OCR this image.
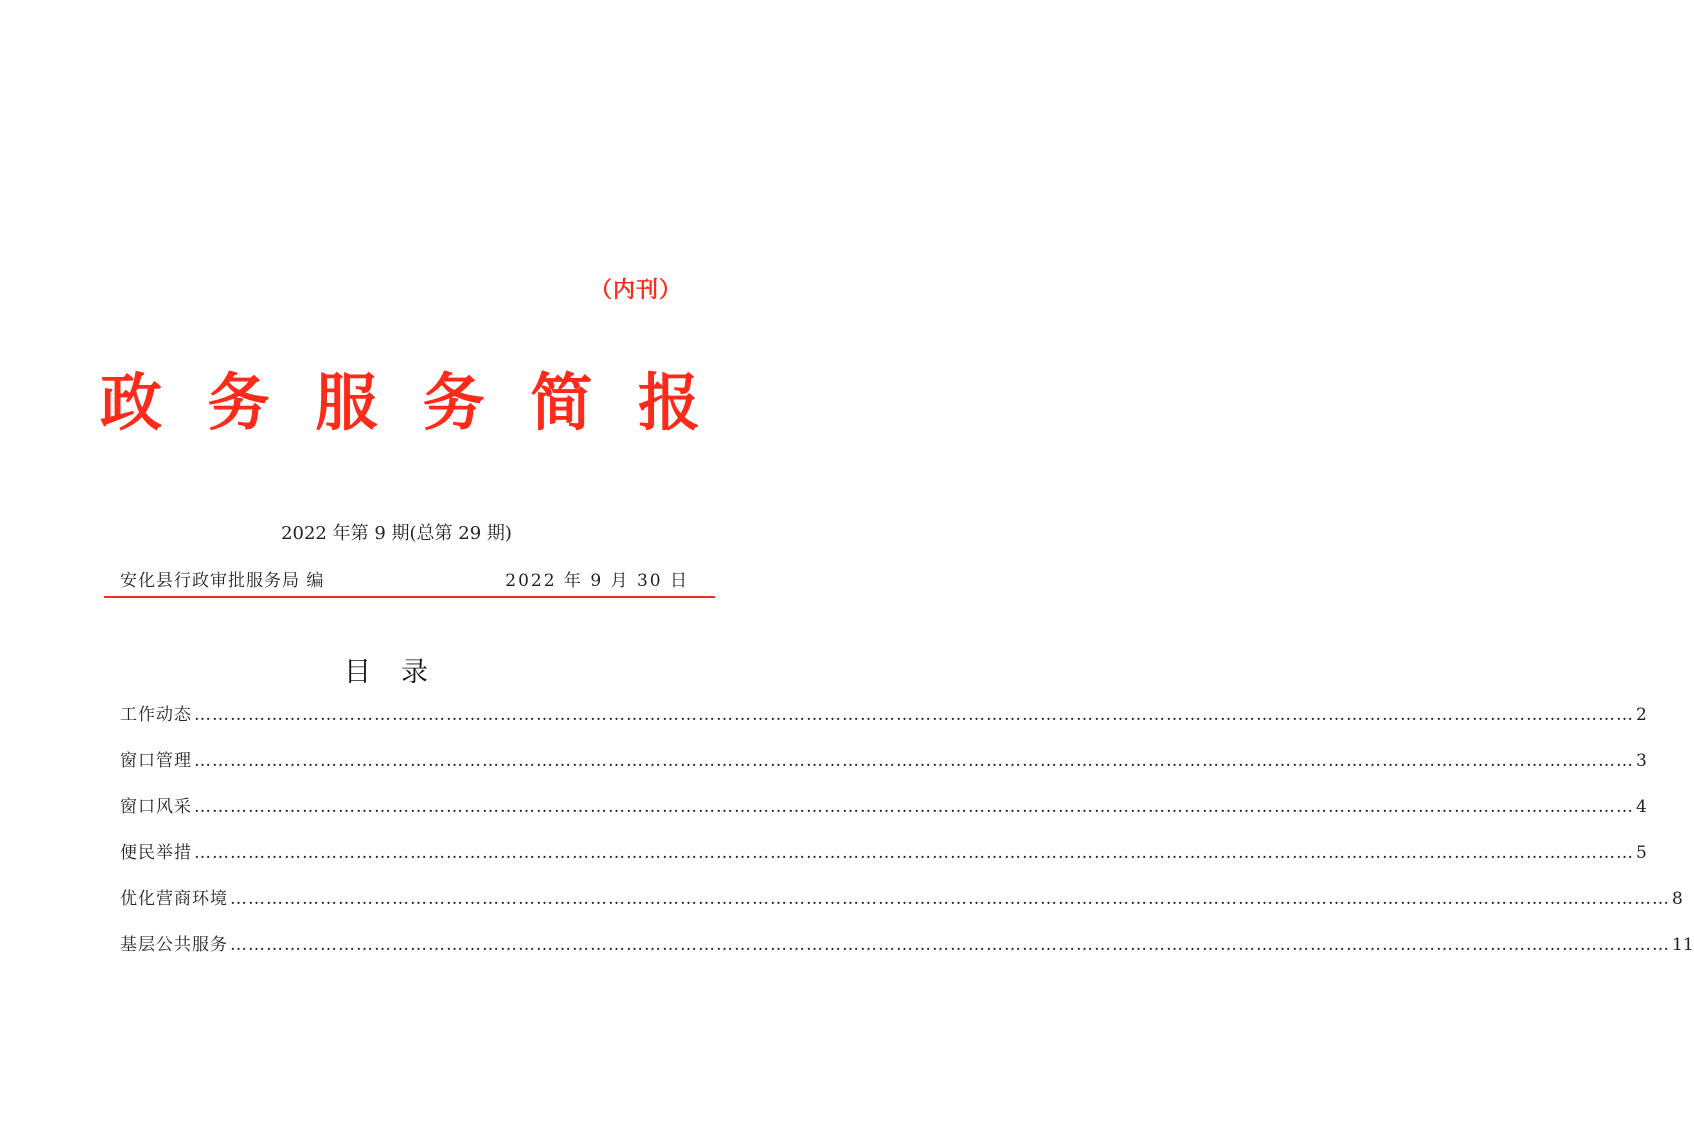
（内刊）
政 务 服 务 简 报
2022 年第 9 期(总第 29 期)
安化县行政审批服务局 编	2022 年 9 月 30 日
目录
工作动态 …………………………………………………………………………………………………………………………………………………………………………………………………………………… 2
窗口管理 …………………………………………………………………………………………………………………………………………………………………………………………………………………… 3
窗口风采 …………………………………………………………………………………………………………………………………………………………………………………………………………………… 4
便民举措 …………………………………………………………………………………………………………………………………………………………………………………………………………………… 5
优化营商环境 …………………………………………………………………………………………………………………………………………………………………………………………………………………… 8
基层公共服务 …………………………………………………………………………………………………………………………………………………………………………………………………………………… 11
